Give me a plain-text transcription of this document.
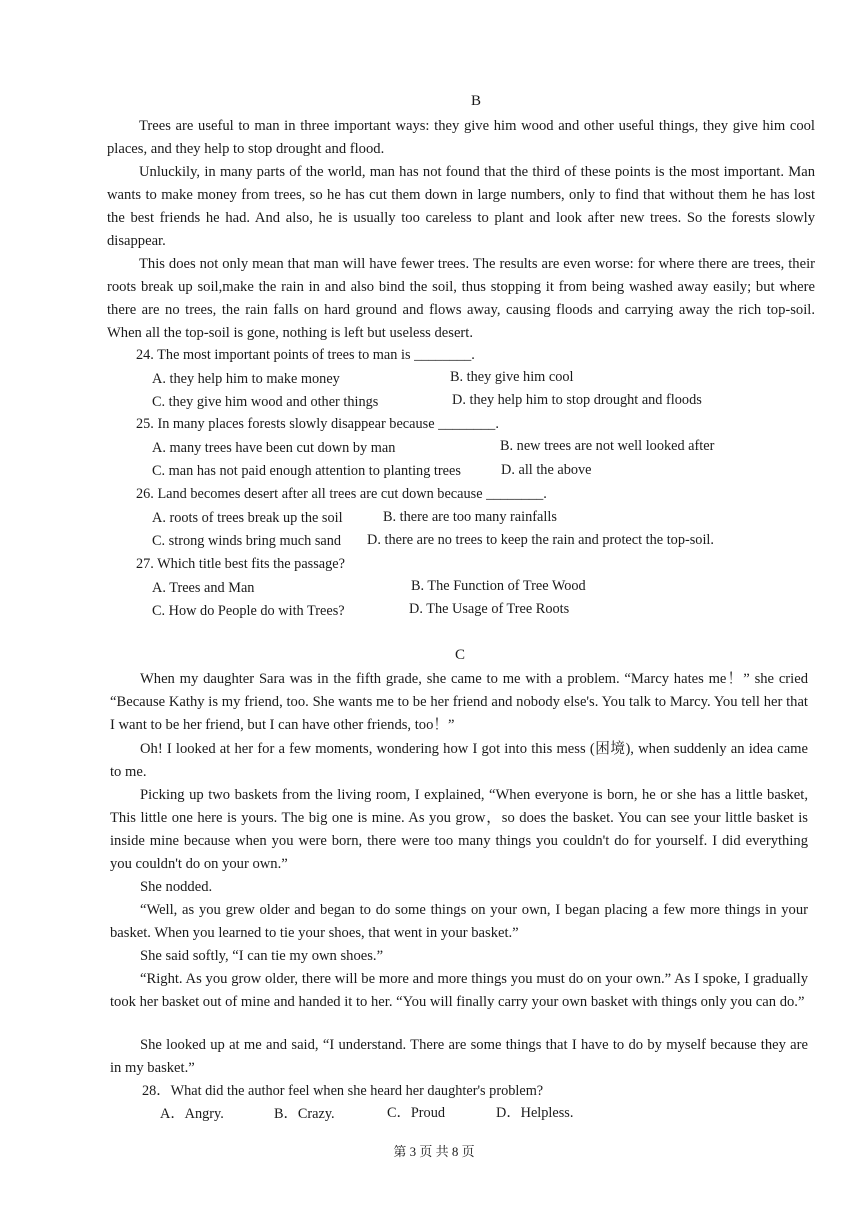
B

Trees are useful to man in three important ways: they give him wood and other useful things, they give him cool places, and they help to stop drought and flood.

Unluckily, in many parts of the world, man has not found that the third of these points is the most important. Man wants to make money from trees, so he has cut them down in large numbers, only to find that without them he has lost the best friends he had. And also, he is usually too careless to plant and look after new trees. So the forests slowly disappear.

This does not only mean that man will have fewer trees. The results are even worse: for where there are trees, their roots break up soil,make the rain in and also bind the soil, thus stopping it from being washed away easily; but where there are no trees, the rain falls on hard ground and flows away, causing floods and carrying away the rich top-soil. When all the top-soil is gone, nothing is left but useless desert.

24. The most important points of trees to man is ________.
A. they help him to make money	B. they give him cool
C. they give him wood and other things	D. they help him to stop drought and floods
25. In many places forests slowly disappear because ________.
A. many trees have been cut down by man	B. new trees are not well looked after
C. man has not paid enough attention to planting trees	D. all the above
26. Land becomes desert after all trees are cut down because ________.
A. roots of trees break up the soil	B. there are too many rainfalls
C. strong winds bring much sand D. there are no trees to keep the rain and protect the top-soil.
27. Which title best fits the passage?
A. Trees and Man	B. The Function of Tree Wood
C. How do People do with Trees?	D. The Usage of Tree Roots
C

When my daughter Sara was in the fifth grade, she came to me with a problem. “Marcy hates me！” she cried “Because Kathy is my friend, too. She wants me to be her friend and nobody else's. You talk to Marcy. You tell her that I want to be her friend, but I can have other friends, too！”

Oh! I looked at her for a few moments, wondering how I got into this mess (困境), when suddenly an idea came to me.

Picking up two baskets from the living room, I explained, “When everyone is born, he or she has a little basket, This little one here is yours. The big one is mine. As you grow，so does the basket. You can see your little basket is inside mine because when you were born, there were too many things you couldn't do for yourself. I did everything you couldn't do on your own.”

She nodded.

“Well, as you grew older and began to do some things on your own, I began placing a few more things in your basket. When you learned to tie your shoes, that went in your basket.”

She said softly, “I can tie my own shoes.”

“Right. As you grow older, there will be more and more things you must do on your own.” As I spoke, I gradually took her basket out of mine and handed it to her. “You will finally carry your own basket with things only you can do.”

She looked up at me and said, “I understand. There are some things that I have to do by myself because they are in my basket.”

28．What did the author feel when she heard her daughter's problem?
A．Angry.	B．Crazy.	C．Proud	D．Helpless.
第 3 页 共 8 页
